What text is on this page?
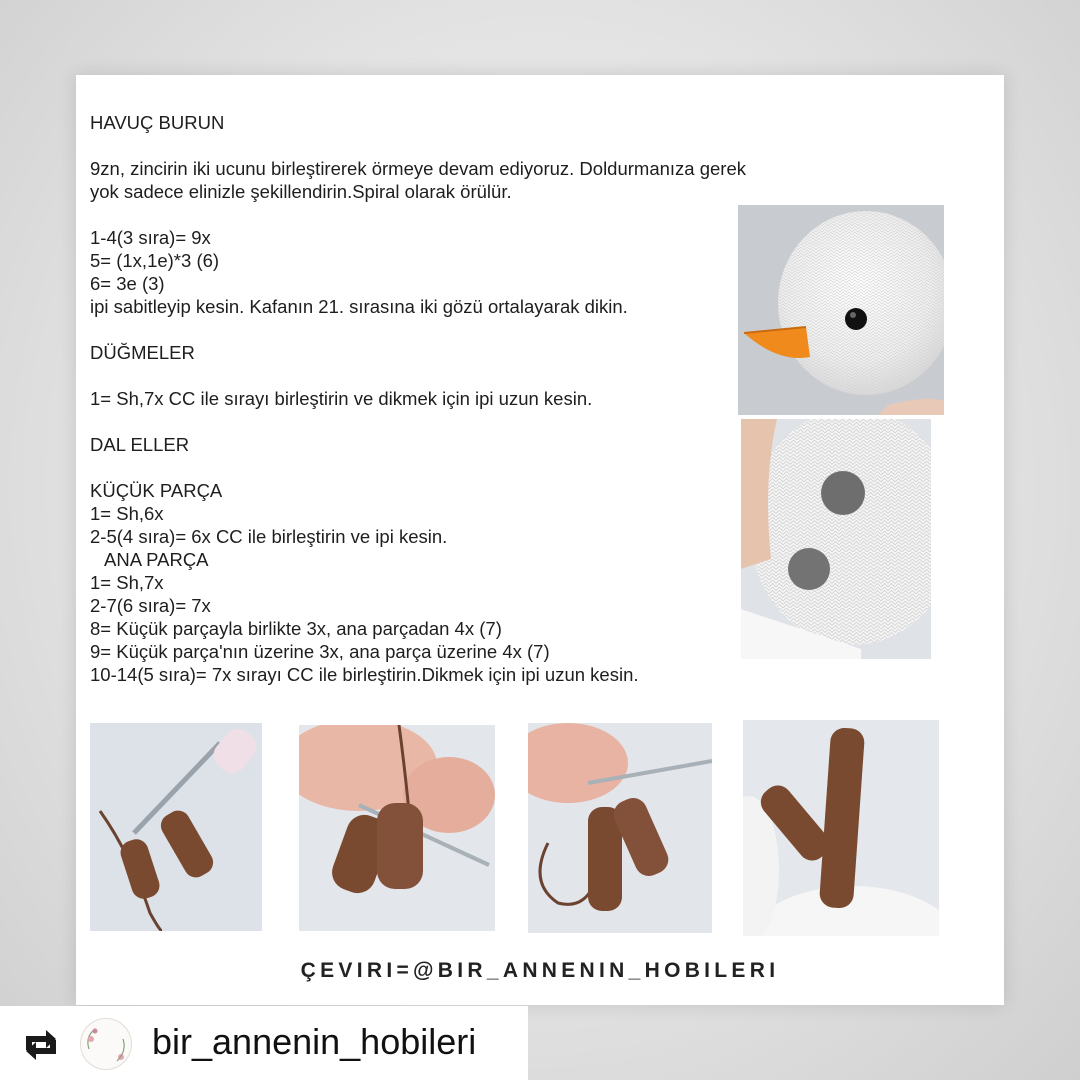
HAVUÇ BURUN
9zn, zincirin iki ucunu birleştirerek örmeye devam ediyoruz. Doldurmanıza gerek
yok sadece elinizle şekillendirin.Spiral olarak örülür.
1-4(3 sıra)= 9x
5= (1x,1e)*3 (6)
6= 3e (3)
ipi sabitleyip kesin. Kafanın 21. sırasına iki gözü ortalayarak dikin.
DÜĞMELER
1= Sh,7x CC ile sırayı birleştirin ve dikmek için ipi uzun kesin.
DAL ELLER
KÜÇÜK PARÇA
1= Sh,6x
2-5(4 sıra)= 6x CC ile birleştirin ve ipi kesin.
ANA PARÇA
1= Sh,7x
2-7(6 sıra)= 7x
8= Küçük parçayla birlikte 3x, ana parçadan 4x (7)
9= Küçük parça'nın üzerine 3x, ana parça üzerine 4x (7)
10-14(5 sıra)= 7x sırayı CC ile birleştirin.Dikmek için ipi uzun kesin.
ÇEVIRI=@BIR_ANNENIN_HOBILERI
bir_annenin_hobileri
